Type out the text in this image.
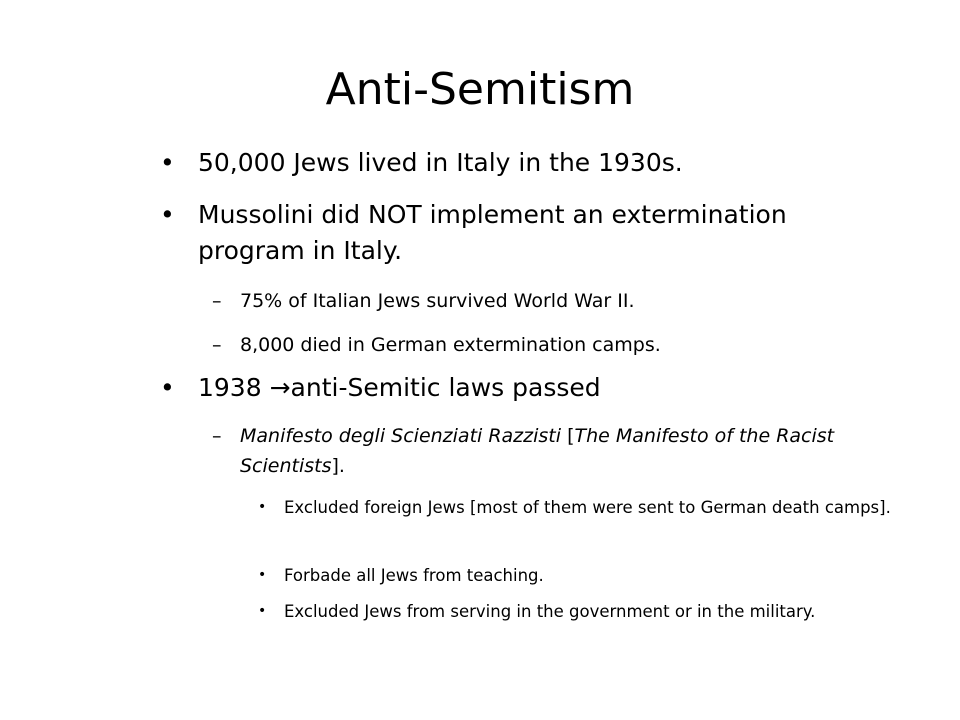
Anti-Semitism
• 50,000 Jews lived in Italy in the 1930s.
• Mussolini did NOT implement an extermination program in Italy.
– 75% of Italian Jews survived World War II.
– 8,000 died in German extermination camps.
• 1938 →anti-Semitic laws passed
– Manifesto degli Scienziati Razzisti [The Manifesto of the Racist Scientists].
• Excluded foreign Jews [most of them were sent to German death camps].
• Forbade all Jews from teaching.
• Excluded Jews from serving in the government or in the military.
